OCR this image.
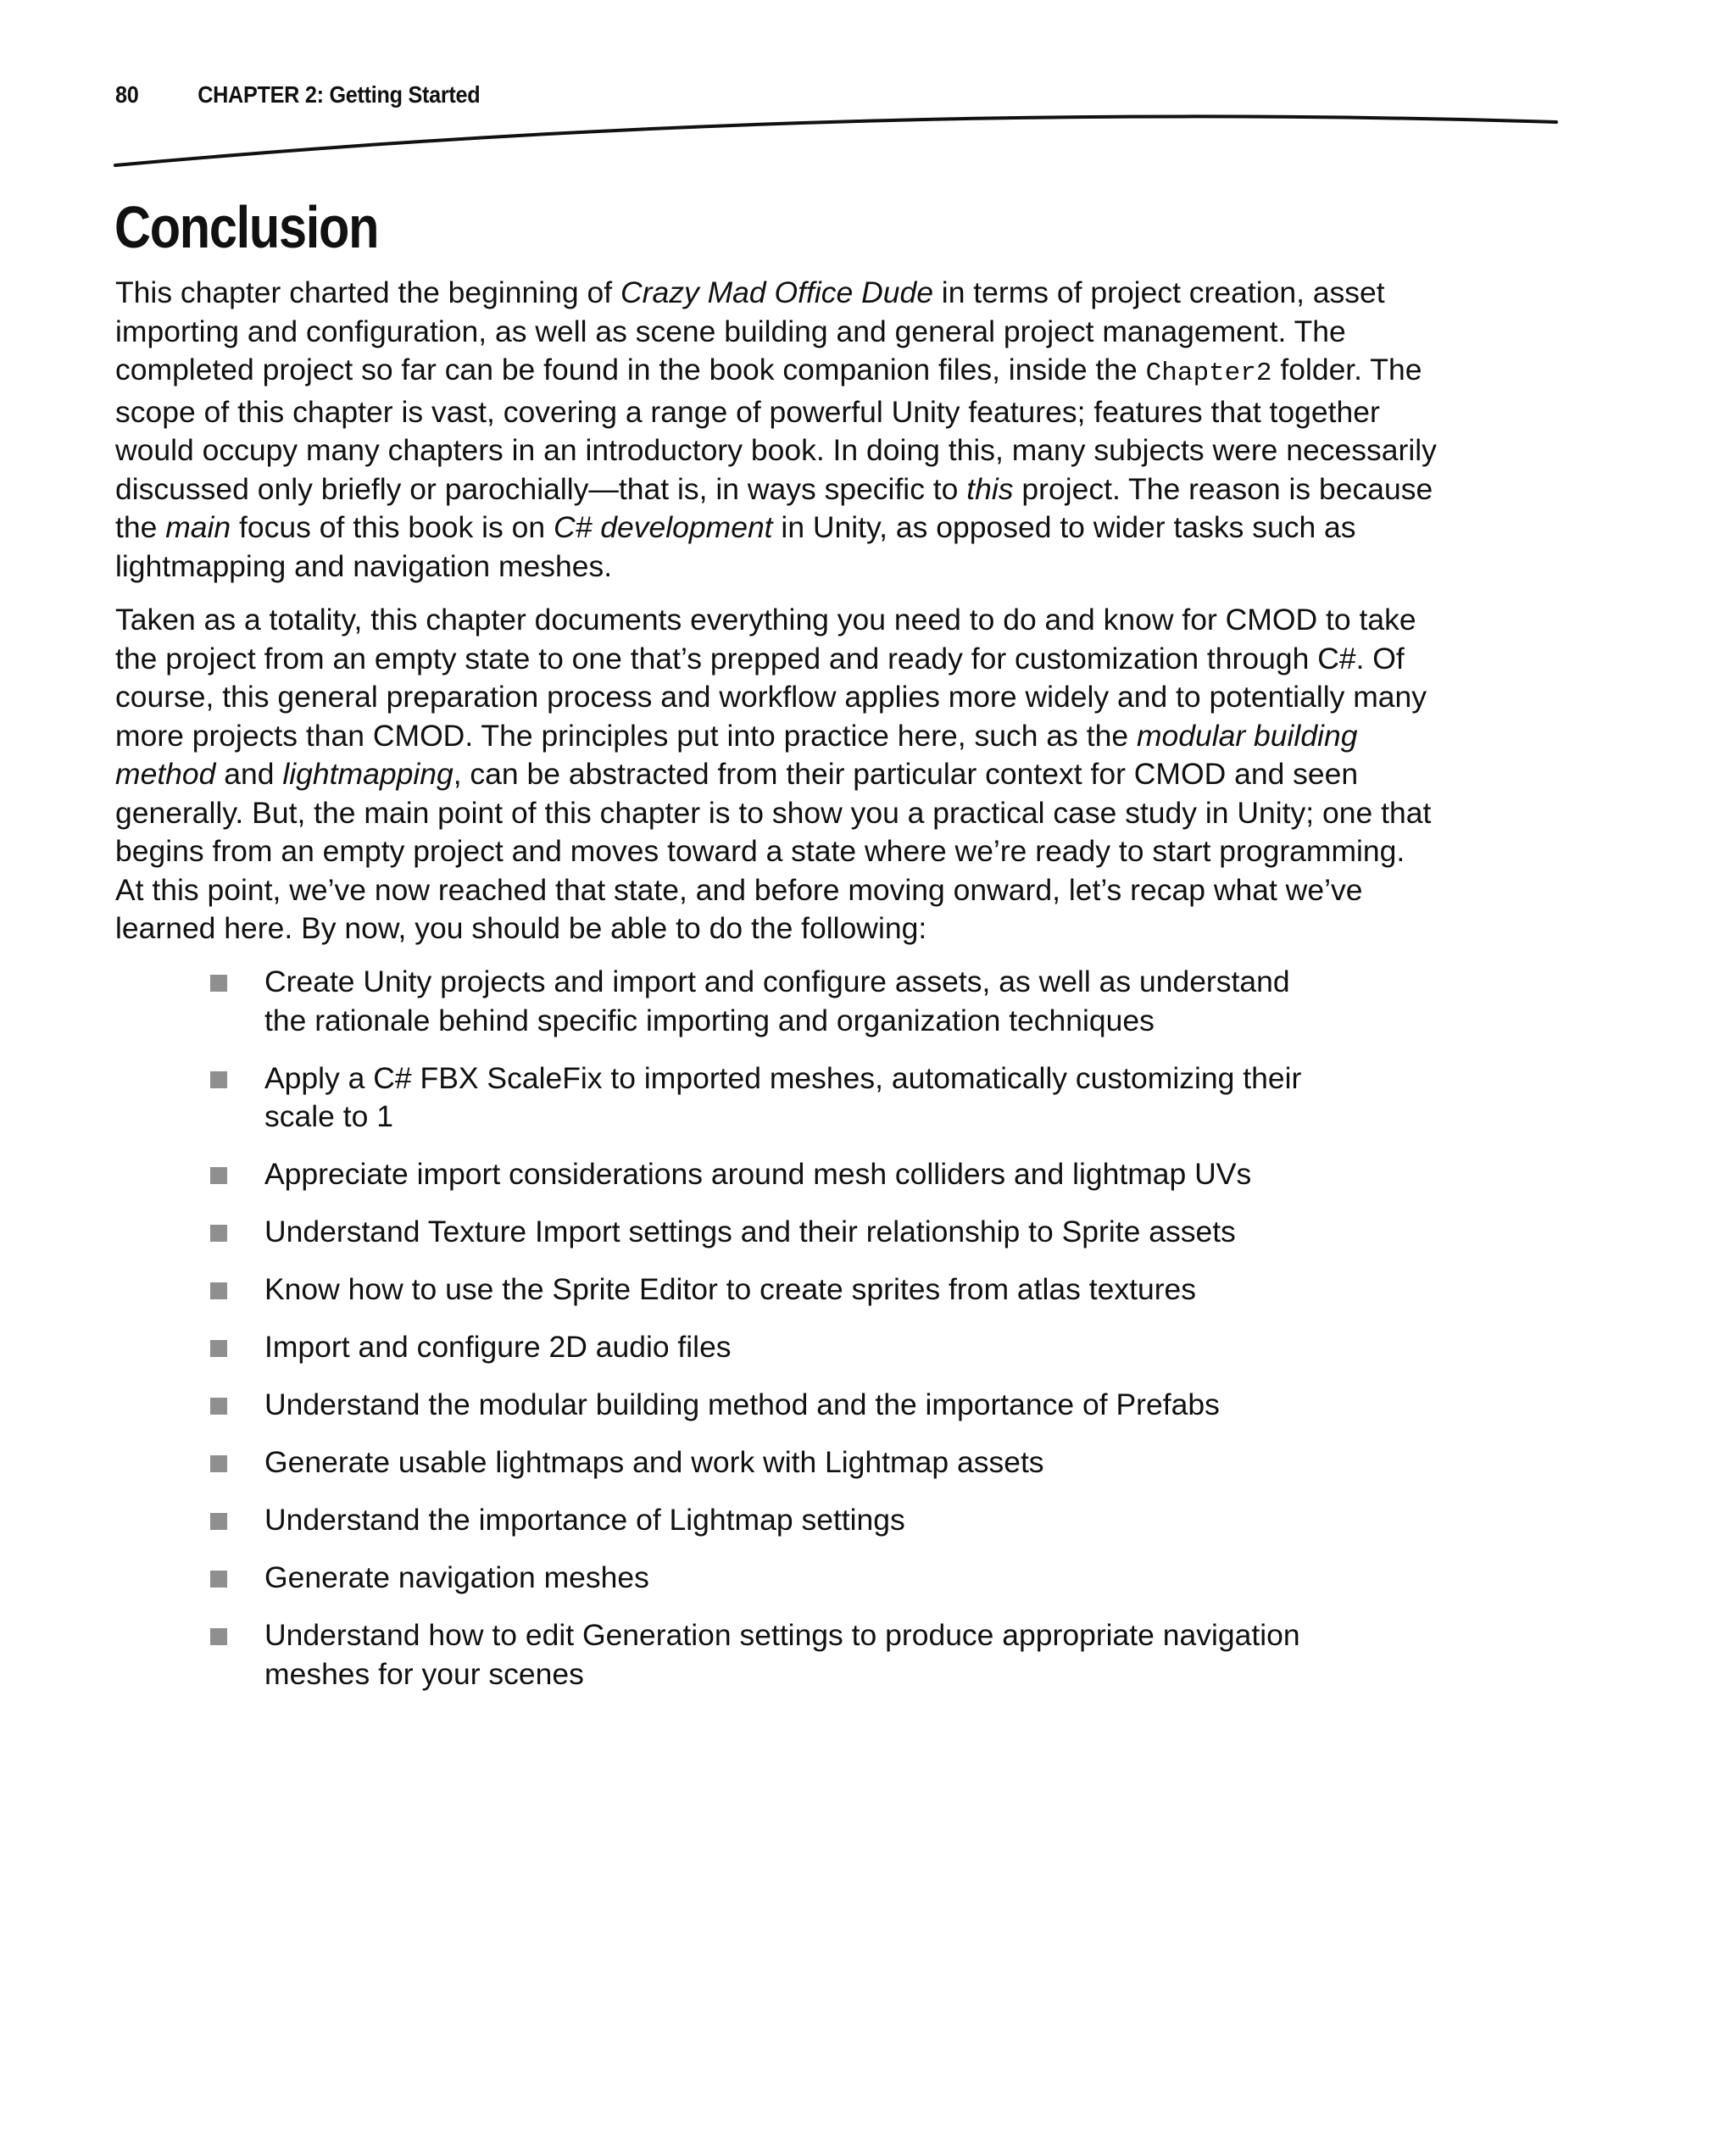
80 CHAPTER 2: Getting Started
Conclusion

This chapter charted the beginning of Crazy Mad Office Dude in terms of project creation, asset
importing and configuration, as well as scene building and general project management. The
completed project so far can be found in the book companion files, inside the Chapter2 folder. The
scope of this chapter is vast, covering a range of powerful Unity features; features that together
would occupy many chapters in an introductory book. In doing this, many subjects were necessarily
discussed only briefly or parochially—that is, in ways specific to this project. The reason is because
the main focus of this book is on C# development in Unity, as opposed to wider tasks such as
lightmapping and navigation meshes.

Taken as a totality, this chapter documents everything you need to do and know for CMOD to take
the project from an empty state to one that’s prepped and ready for customization through C#. Of
course, this general preparation process and workflow applies more widely and to potentially many
more projects than CMOD. The principles put into practice here, such as the modular building
method and lightmapping, can be abstracted from their particular context for CMOD and seen
generally. But, the main point of this chapter is to show you a practical case study in Unity; one that
begins from an empty project and moves toward a state where we’re ready to start programming.
At this point, we’ve now reached that state, and before moving onward, let’s recap what we’ve
learned here. By now, you should be able to do the following:

Create Unity projects and import and configure assets, as well as understand
the rationale behind specific importing and organization techniques
Apply a C# FBX ScaleFix to imported meshes, automatically customizing their
scale to 1
Appreciate import considerations around mesh colliders and lightmap UVs
Understand Texture Import settings and their relationship to Sprite assets
Know how to use the Sprite Editor to create sprites from atlas textures
Import and configure 2D audio files
Understand the modular building method and the importance of Prefabs
Generate usable lightmaps and work with Lightmap assets
Understand the importance of Lightmap settings
Generate navigation meshes
Understand how to edit Generation settings to produce appropriate navigation
meshes for your scenes
